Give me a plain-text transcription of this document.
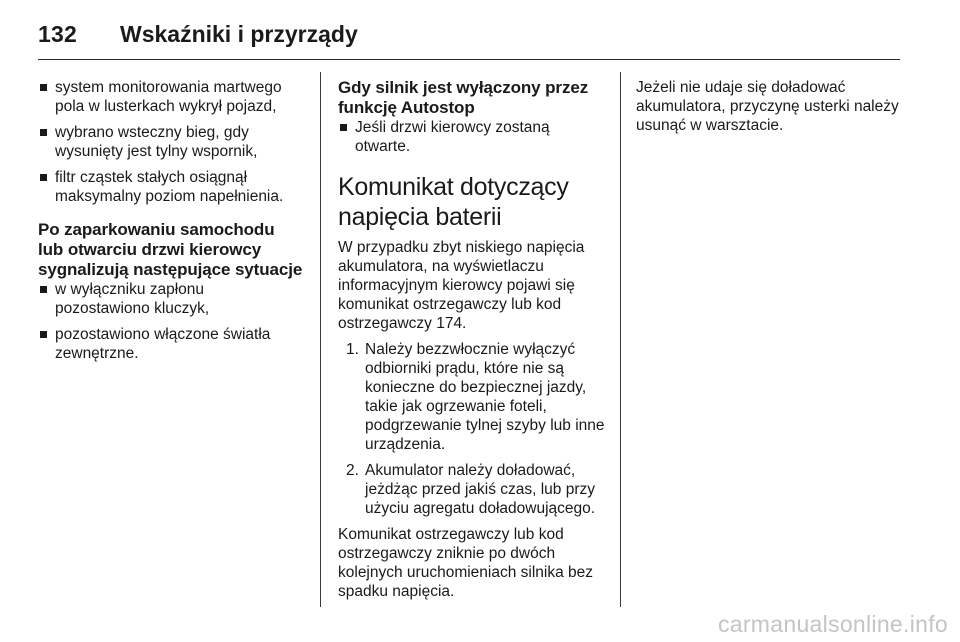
132 Wskaźniki i przyrządy
system monitorowania martwego pola w lusterkach wykrył pojazd,
wybrano wsteczny bieg, gdy wysunięty jest tylny wspornik,
filtr cząstek stałych osiągnął maksymalny poziom napełnienia.
Po zaparkowaniu samochodu lub otwarciu drzwi kierowcy sygnalizują następujące sytuacje
w wyłączniku zapłonu pozostawiono kluczyk,
pozostawiono włączone światła zewnętrzne.
Gdy silnik jest wyłączony przez funkcję Autostop
Jeśli drzwi kierowcy zostaną otwarte.
Komunikat dotyczący napięcia baterii

W przypadku zbyt niskiego napięcia akumulatora, na wyświetlaczu informacyjnym kierowcy pojawi się komunikat ostrzegawczy lub kod ostrzegawczy 174.

1. Należy bezzwłocznie wyłączyć odbiorniki prądu, które nie są konieczne do bezpiecznej jazdy, takie jak ogrzewanie foteli, podgrzewanie tylnej szyby lub inne urządzenia.
2. Akumulator należy doładować, jeżdżąc przed jakiś czas, lub przy użyciu agregatu doładowującego.

Komunikat ostrzegawczy lub kod ostrzegawczy zniknie po dwóch kolejnych uruchomieniach silnika bez spadku napięcia.

Jeżeli nie udaje się doładować akumulatora, przyczynę usterki należy usunąć w warsztacie.

carmanualsonline.info
